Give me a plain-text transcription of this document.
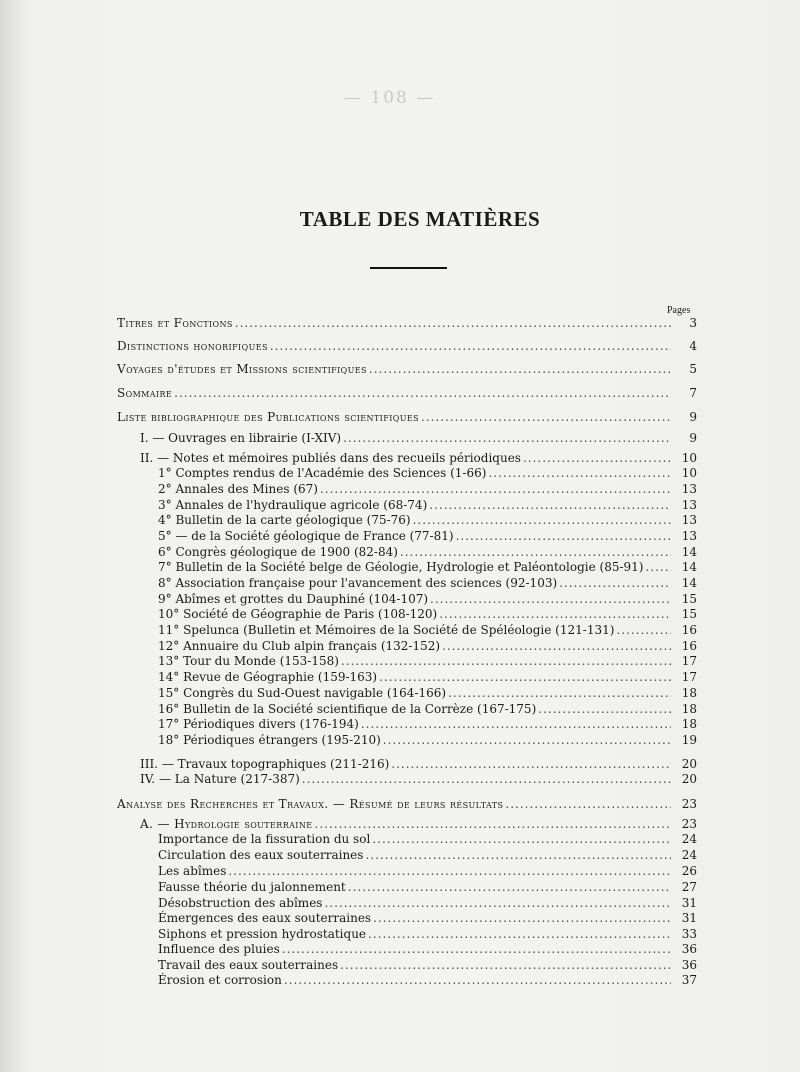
— 108 —
TABLE DES MATIÈRES
Pages
Titres et Fonctions .....	3
Distinctions honorifiques .....	4
Voyages d'études et Missions scientifiques .....	5
Sommaire .....	7
Liste bibliographique des Publications scientifiques .....	9
I. — Ouvrages en librairie (I-XIV) .....	9
II. — Notes et mémoires publiés dans des recueils périodiques .....	10
1° Comptes rendus de l'Académie des Sciences (1-66) .....	10
2° Annales des Mines (67) .....	13
3° Annales de l'hydraulique agricole (68-74) .....	13
4° Bulletin de la carte géologique (75-76) .....	13
5° — de la Société géologique de France (77-81) .....	13
6° Congrès géologique de 1900 (82-84) .....	14
7° Bulletin de la Société belge de Géologie, Hydrologie et Paléontologie (85-91) .....	14
8° Association française pour l'avancement des sciences (92-103) .....	14
9° Abîmes et grottes du Dauphiné (104-107) .....	15
10° Société de Géographie de Paris (108-120) .....	15
11° Spelunca (Bulletin et Mémoires de la Société de Spéléologie (121-131) .....	16
12° Annuaire du Club alpin français (132-152) .....	16
13° Tour du Monde (153-158) .....	17
14° Revue de Géographie (159-163) .....	17
15° Congrès du Sud-Ouest navigable (164-166) .....	18
16° Bulletin de la Société scientifique de la Corrèze (167-175) .....	18
17° Périodiques divers (176-194) .....	18
18° Périodiques étrangers (195-210) .....	19
III. — Travaux topographiques (211-216) .....	20
IV. — La Nature (217-387) .....	20
Analyse des Recherches et Travaux. — Résumé de leurs résultats .....	23
A. — Hydrologie souterraine .....	23
Importance de la fissuration du sol .....	24
Circulation des eaux souterraines .....	24
Les abîmes .....	26
Fausse théorie du jalonnement .....	27
Désobstruction des abîmes .....	31
Émergences des eaux souterraines .....	31
Siphons et pression hydrostatique .....	33
Influence des pluies .....	36
Travail des eaux souterraines .....	36
Érosion et corrosion .....	37
